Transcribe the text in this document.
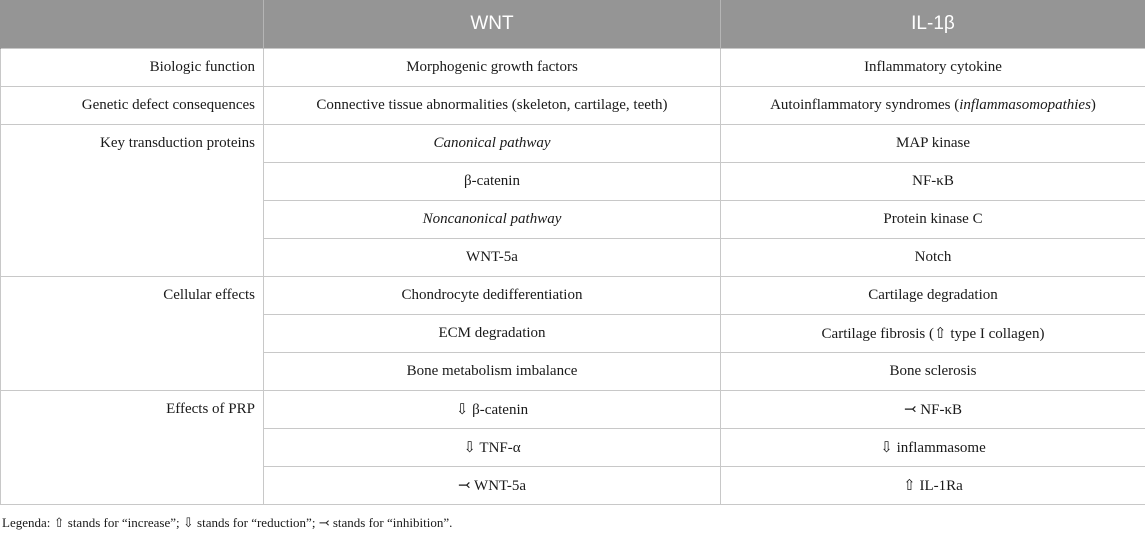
	WNT	IL-1β
Biologic function	Morphogenic growth factors	Inflammatory cytokine
Genetic defect consequences	Connective tissue abnormalities (skeleton, cartilage, teeth)	Autoinflammatory syndromes (inflammasomopathies)
Key transduction proteins	Canonical pathway	MAP kinase
	β-catenin	NF-κB
	Noncanonical pathway	Protein kinase C
	WNT-5a	Notch
Cellular effects	Chondrocyte dedifferentiation	Cartilage degradation
	ECM degradation	Cartilage fibrosis (⇧ type I collagen)
	Bone metabolism imbalance	Bone sclerosis
Effects of PRP	⇩ β-catenin	⤙ NF-κB
	⇩ TNF-α	⇩ inflammasome
	⤙ WNT-5a	⇧ IL-1Ra
Legenda: ⇧ stands for “increase”; ⇩ stands for “reduction”; ⤙ stands for “inhibition”.
